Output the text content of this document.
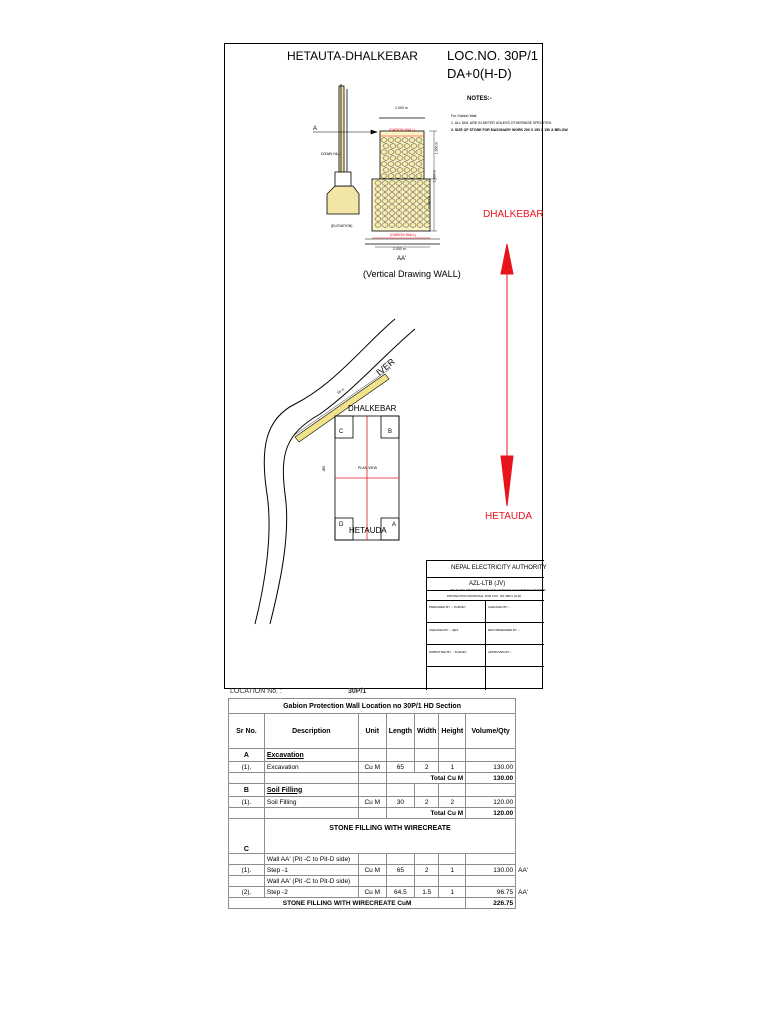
HETAUTA-DHALKEBAR LOC.NO. 30P/1
DA+0(H-D)
NOTES:-
For Gabion Wall:
1. ALL DIM. ARE IN METER UNLESS OTHERWISE SPECIFIED
2. SIZE OF STONE FOR MASONARY WORK 200 X 150 X 150 & BELOW
1.000 m
(GABION WALL)
1.000 m
1.000 m
2.000 m
(GABION WALL)
2.000 m
(ELEVATION)
DOWN HILL
A
AA'
(Vertical Drawing WALL)
DHALKEBAR
HETAUDA
IVER
65 m
DHALKEBAR
HETAUDA
PLAN VIEW
BB'
C	B
D	A
NEPAL ELECTRICITY AUTHORITY
AZL-LTB (JV)
400 kV D/C TRANSMISSION LINE HETAUDA-DHALKEBAR-INARUWA
PROTECTION PROPOSAL FOR LOC. NO 30P/1 (H-D)
PREPARED BY :- SURVEY	CHECKED BY :-
CHECKED BY :- QES	RECOMMENDED BY :-
SUBMITTED BY :- SURVEY	APPROVED BY :-
LOCATION No. :	30P/1
Gabion Protection Wall Location no 30P/1 HD Section							
Sr No.	Description	Unit	Length	Width	Height	Volume/Qty	
A	Excavation						
(1).	Excavation	Cu M	65	2	1	130.00	
			Total Cu M			130.00	
B	Soil Filling						
(1).	Soil Filling	Cu M	30	2	2	120.00	
			Total Cu M			120.00	
C	STONE FILLING WITH WIRECREATE						
	Wall AA' (Pit -C to Pit-D side)						
(1).	Step -1	Cu M	65	2	1	130.00	AA'
	Wall AA' (Pit -C to Pit-D side)						
(2).	Step -2	Cu M	64.5	1.5	1	96.75	AA'
STONE FILLING WITH WIRECREATE CuM						226.75	
